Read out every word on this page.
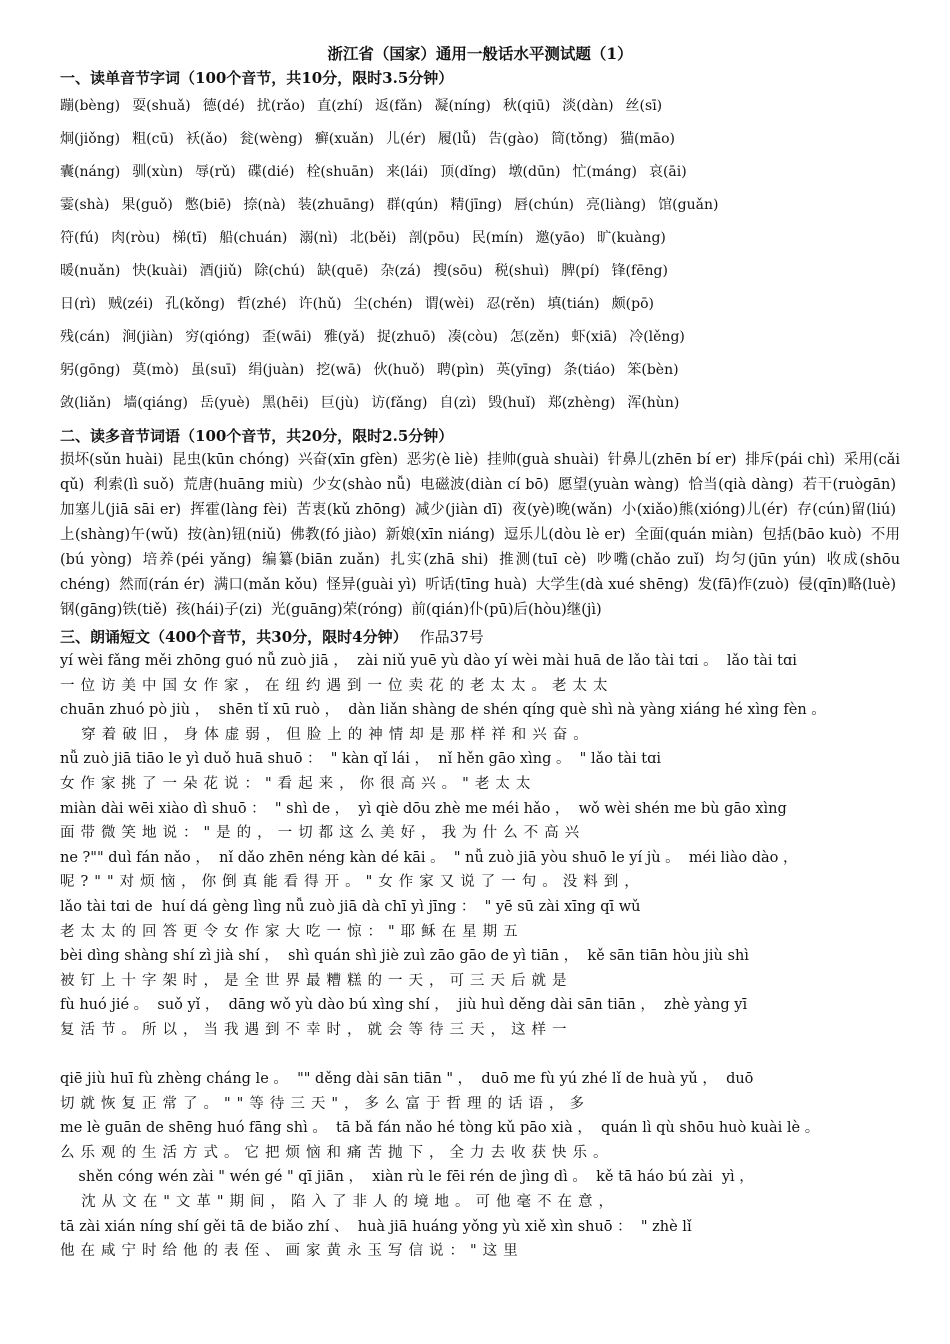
浙江省（国家）通用一般话水平测试题（1）
一、读单音节字词（100个音节，共10分，限时3.5分钟）
蹦(bèng) 耍(shuǎ) 德(dé) 扰(rǎo) 直(zhí) 返(fǎn) 凝(níng) 秋(qiū) 淡(dàn) 丝(sī)
炯(jiǒng) 粗(cū) 袄(ǎo) 瓮(wèng) 癣(xuǎn) 儿(ér) 履(lǚ) 告(gào) 筒(tǒng) 猫(māo)
囊(náng) 驯(xùn) 辱(rǔ) 碟(dié) 栓(shuān) 来(lái) 顶(dǐng) 墩(dūn) 忙(máng) 哀(āi)
霎(shà) 果(guǒ) 憋(biē) 捺(nà) 装(zhuāng) 群(qún) 精(jīng) 唇(chún) 亮(liàng) 馆(guǎn)
符(fú) 肉(ròu) 梯(tī) 船(chuán) 溺(nì) 北(běi) 剖(pōu) 民(mín) 邀(yāo) 旷(kuàng)
暖(nuǎn) 快(kuài) 酒(jiǔ) 除(chú) 缺(quē) 杂(zá) 搜(sōu) 税(shuì) 脾(pí) 锋(fēng)
日(rì) 贼(zéi) 孔(kǒng) 哲(zhé) 许(hǔ) 尘(chén) 谓(wèi) 忍(rěn) 填(tián) 颇(pō)
残(cán) 涧(jiàn) 穷(qióng) 歪(wāi) 雅(yǎ) 捉(zhuō) 凑(còu) 怎(zěn) 虾(xiā) 冷(lěng)
躬(gōng) 莫(mò) 虽(suī) 绢(juàn) 挖(wā) 伙(huǒ) 聘(pìn) 英(yīng) 条(tiáo) 笨(bèn)
敛(liǎn) 墙(qiáng) 岳(yuè) 黑(hēi) 巨(jù) 访(fǎng) 自(zì) 毁(huǐ) 郑(zhèng) 浑(hùn)
二、读多音节词语（100个音节，共20分，限时2.5分钟）
损坏(sǔn huài) 昆虫(kūn chóng) 兴奋(xīn gfèn) 恶劣(è liè) 挂帅(guà shuài) 针鼻儿(zhēn bí er) 排斥(pái chì) 采用(cǎi qǔ) 利索(lì suǒ) 荒唐(huāng miù) 少女(shào nǚ) 电磁波(diàn cí bō) 愿望(yuàn wàng) 恰当(qià dàng) 若干(ruògān) 加塞儿(jiā sāi er) 挥霍(làng fèi) 苦衷(kǔ zhōng) 减少(jiàn dī) 夜(yè)晚(wǎn) 小(xiǎo)熊(xióng)儿(ér) 存(cún)留(liú) 上(shàng)午(wǔ) 按(àn)钮(niǔ) 佛教(fó jiào) 新娘(xīn niáng) 逗乐儿(dòu lè er) 全面(quán miàn) 包括(bāo kuò) 不用(bú yòng) 培养(péi yǎng) 编纂(biān zuǎn) 扎实(zhā shi) 推测(tuī cè) 吵嘴(chǎo zuǐ) 均匀(jūn yún) 收成(shōu chéng) 然而(rán ér) 满口(mǎn kǒu) 怪异(guài yì) 听话(tīng huà) 大学生(dà xué shēng) 发(fā)作(zuò) 侵(qīn)略(luè) 钢(gāng)铁(tiě) 孩(hái)子(zi) 光(guāng)荣(róng) 前(qián)仆(pū)后(hòu)继(jì)
三、朗诵短文（400个音节，共30分，限时4分钟） 作品37号
yí wèi fǎng měi zhōng guó nǚ zuò jiā ，  zài niǔ yuē yù dào yí wèi mài huā de lǎo tài tɑi 。  lǎo tài tɑi
一位访美中国女作家，在纽约遇到一位卖花的老太太。老太太
chuān zhuó pò jiù ，  shēn tǐ xū ruò ，  dàn liǎn shàng de shén qíng què shì nà yàng xiáng hé xìng fèn 。
穿着破旧，身体虚弱，但脸上的神情却是那样祥和兴奋。
nǚ zuò jiā tiāo le yì duǒ huā shuō ：  " kàn qǐ lái ，  nǐ hěn gāo xìng 。  " lǎo tài tɑi
女作家挑了一朵花说："看起来，你很高兴。"老太太
miàn dài wēi xiào dì shuō ：  " shì de ，  yì qiè dōu zhè me méi hǎo ，  wǒ wèi shén me bù gāo xìng
面带微笑地说："是的，一切都这么美好，我为什么不高兴
ne ?"" duì fán nǎo ，  nǐ dǎo zhēn néng kàn dé kāi 。  " nǚ zuò jiā yòu shuō le yí jù 。  méi liào dào ，
呢?""对烦恼，你倒真能看得开。"女作家又说了一句。没料到，
lǎo tài tɑi de  huí dá gèng lìng nǚ zuò jiā dà chī yì jīng ：  " yē sū zài xīng qī wǔ
老太太的回答更令女作家大吃一惊："耶稣在星期五
bèi dìng shàng shí zì jià shí ，  shì quán shì jiè zuì zāo gāo de yì tiān ，  kě sān tiān hòu jiù shì
被钉上十字架时，是全世界最糟糕的一天，可三天后就是
fù huó jié 。  suǒ yǐ ，  dāng wǒ yù dào bú xìng shí ，  jiù huì děng dài sān tiān ，  zhè yàng yī
复活节。所以，当我遇到不幸时，就会等待三天，这样一
qiē jiù huī fù zhèng cháng le 。  "" děng dài sān tiān " ，  duō me fù yú zhé lǐ de huà yǔ ，  duō
切就恢复正常了。""等待三天"，多么富于哲理的话语，多
me lè guān de shēng huó fāng shì 。  tā bǎ fán nǎo hé tòng kǔ pāo xià ，  quán lì qù shōu huò kuài lè 。
么乐观的生活方式。它把烦恼和痛苦抛下，全力去收获快乐。
shěn cóng wén zài " wén gé " qī jiān ，  xiàn rù le fēi rén de jìng dì 。  kě tā háo bú zài  yì ，
沈从文在"文革"期间，陷入了非人的境地。可他毫不在意，
tā zài xián níng shí gěi tā de biǎo zhí 、  huà jiā huáng yǒng yù xiě xìn shuō ：  " zhè lǐ
他在咸宁时给他的表侄、画家黄永玉写信说："这里
